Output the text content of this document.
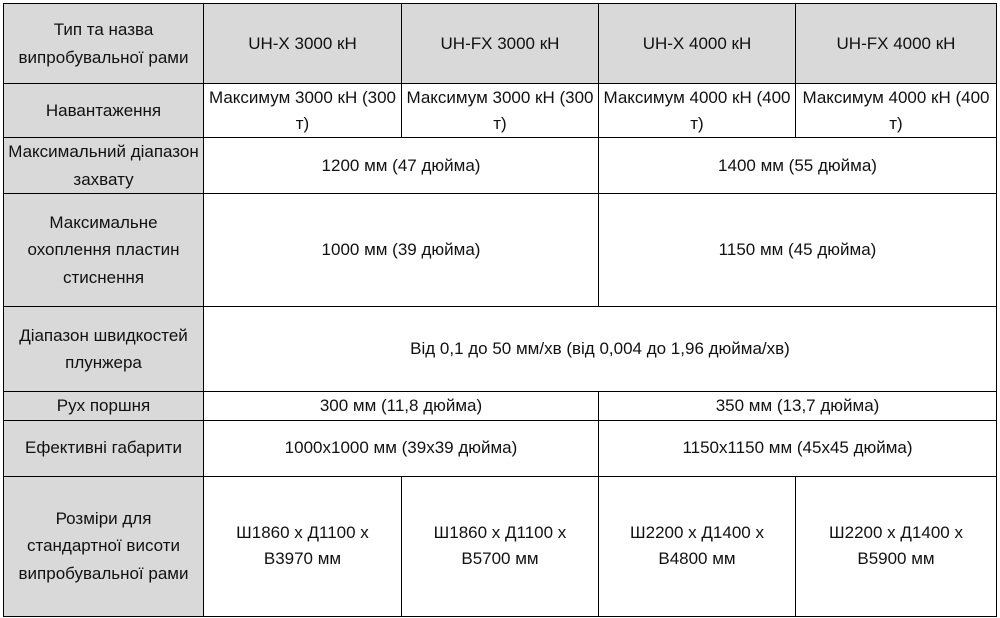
Тип та назва випробувальної рами	UH-X 3000 кН	UH-FX 3000 кН	UH-X 4000 кН	UH-FX 4000 кН
Навантаження	Максимум 3000 кН (300 т)	Максимум 3000 кН (300 т)	Максимум 4000 кН (400 т)	Максимум 4000 кН (400 т)
Максимальний діапазон захвату	1200 мм (47 дюйма)		1400 мм (55 дюйма)	
Максимальне охоплення пластин стиснення	1000 мм (39 дюйма)		1150 мм (45 дюйма)	
Діапазон швидкостей плунжера	Від 0,1 до 50 мм/хв (від 0,004 до 1,96 дюйма/хв)			
Рух поршня	300 мм (11,8 дюйма)		350 мм (13,7 дюйма)	
Ефективні габарити	1000x1000 мм (39x39 дюйма)		1150x1150 мм (45x45 дюйма)	
Розміри для стандартної висоти випробувальної рами	Ш1860 x Д1100 x В3970 мм	Ш1860 x Д1100 x В5700 мм	Ш2200 x Д1400 x В4800 мм	Ш2200 x Д1400 x В5900 мм
